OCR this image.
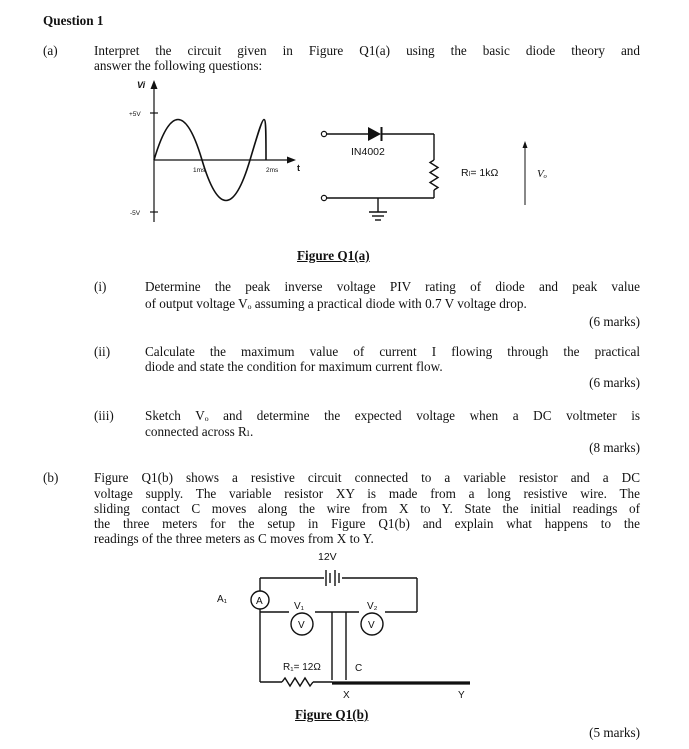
Question 1
(a)	Interpret the circuit given in Figure Q1(a) using the basic diode theory and
answer the following questions:
Vi
+5V
-5V
1ms	2ms t
IN4002
Rₗ= 1kΩ	Vₒ
Figure Q1(a)
(i)	Determine the peak inverse voltage PIV rating of diode and peak value
of output voltage Vₒ assuming a practical diode with 0.7 V voltage drop.
(6 marks)
(ii)	Calculate the maximum value of current I flowing through the practical
diode and state the condition for maximum current flow.
(6 marks)
(iii) Sketch Vₒ and determine the expected voltage when a DC voltmeter is
connected across Rₗ.
(8 marks)
(b)	Figure Q1(b) shows a resistive circuit connected to a variable resistor and a DC
voltage supply. The variable resistor XY is made from a long resistive wire. The
sliding contact C moves along the wire from X to Y. State the initial readings of
the three meters for the setup in Figure Q1(b) and explain what happens to the
readings of the three meters as C moves from X to Y.
12V
A₁	A	V₁	V₂
V	V
R₁= 12Ω	C
X	Y
Figure Q1(b)
(5 marks)
